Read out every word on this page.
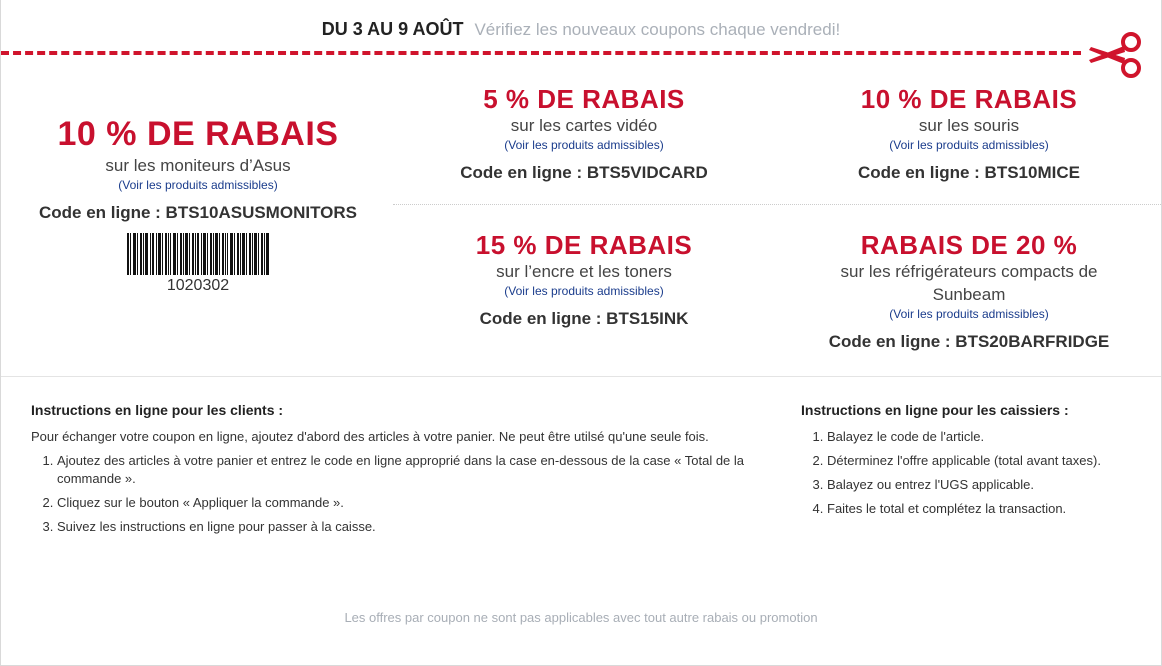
DU 3 AU 9 AOÛT Vérifiez les nouveaux coupons chaque vendredi!
10 % DE RABAIS
sur les moniteurs d’Asus
(Voir les produits admissibles)
Code en ligne : BTS10ASUSMONITORS
1020302
5 % DE RABAIS
sur les cartes vidéo
(Voir les produits admissibles)
Code en ligne : BTS5VIDCARD
10 % DE RABAIS
sur les souris
(Voir les produits admissibles)
Code en ligne : BTS10MICE
15 % DE RABAIS
sur l’encre et les toners
(Voir les produits admissibles)
Code en ligne : BTS15INK
RABAIS DE 20 %
sur les réfrigérateurs compacts de Sunbeam
(Voir les produits admissibles)
Code en ligne : BTS20BARFRIDGE
Instructions en ligne pour les clients :

Pour échanger votre coupon en ligne, ajoutez d'abord des articles à votre panier. Ne peut être utilsé qu'une seule fois.

1. Ajoutez des articles à votre panier et entrez le code en ligne approprié dans la case en-dessous de la case « Total de la commande ».
2. Cliquez sur le bouton « Appliquer la commande ».
3. Suivez les instructions en ligne pour passer à la caisse.
Instructions en ligne pour les caissiers :
1. Balayez le code de l'article.
2. Déterminez l'offre applicable (total avant taxes).
3. Balayez ou entrez l'UGS applicable.
4. Faites le total et complétez la transaction.
Les offres par coupon ne sont pas applicables avec tout autre rabais ou promotion
